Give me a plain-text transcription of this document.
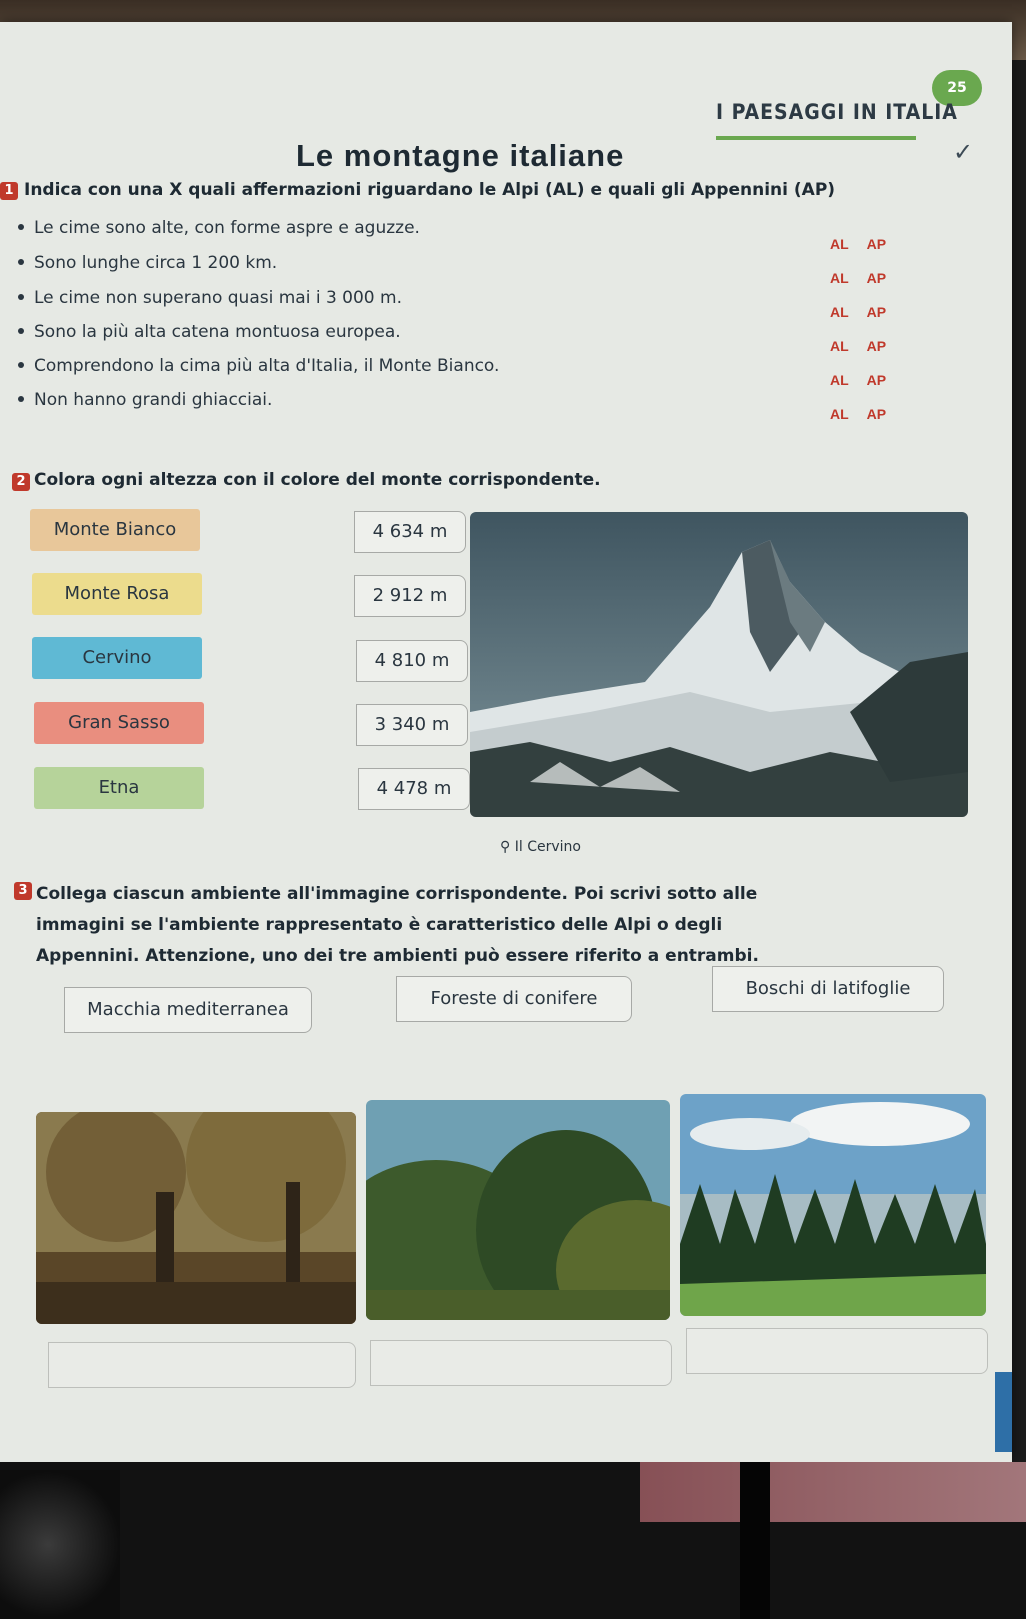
25
I PAESAGGI IN ITALIA
Le montagne italiane	✓
1 Indica con una X quali affermazioni riguardano le Alpi (AL) e quali gli Appennini (AP)
Le cime sono alte, con forme aspre e aguzze.
AL AP
Sono lunghe circa 1 200 km.
AL AP
Le cime non superano quasi mai i 3 000 m.
AL AP
Sono la più alta catena montuosa europea.
AL AP
Comprendono la cima più alta d'Italia, il Monte Bianco.
AL AP
Non hanno grandi ghiacciai.
AL AP
2 Colora ogni altezza con il colore del monte corrispondente.
Monte Bianco
Monte Rosa
Cervino
Gran Sasso
Etna
4 634 m
2 912 m
4 810 m
3 340 m
4 478 m
⚲ Il Cervino
3 Collega ciascun ambiente all'immagine corrispondente. Poi scrivi sotto alle immagini se l'ambiente rappresentato è caratteristico delle Alpi o degli Appennini. Attenzione, uno dei tre ambienti può essere riferito a entrambi.
Macchia mediterranea
Foreste di conifere	Boschi di latifoglie
